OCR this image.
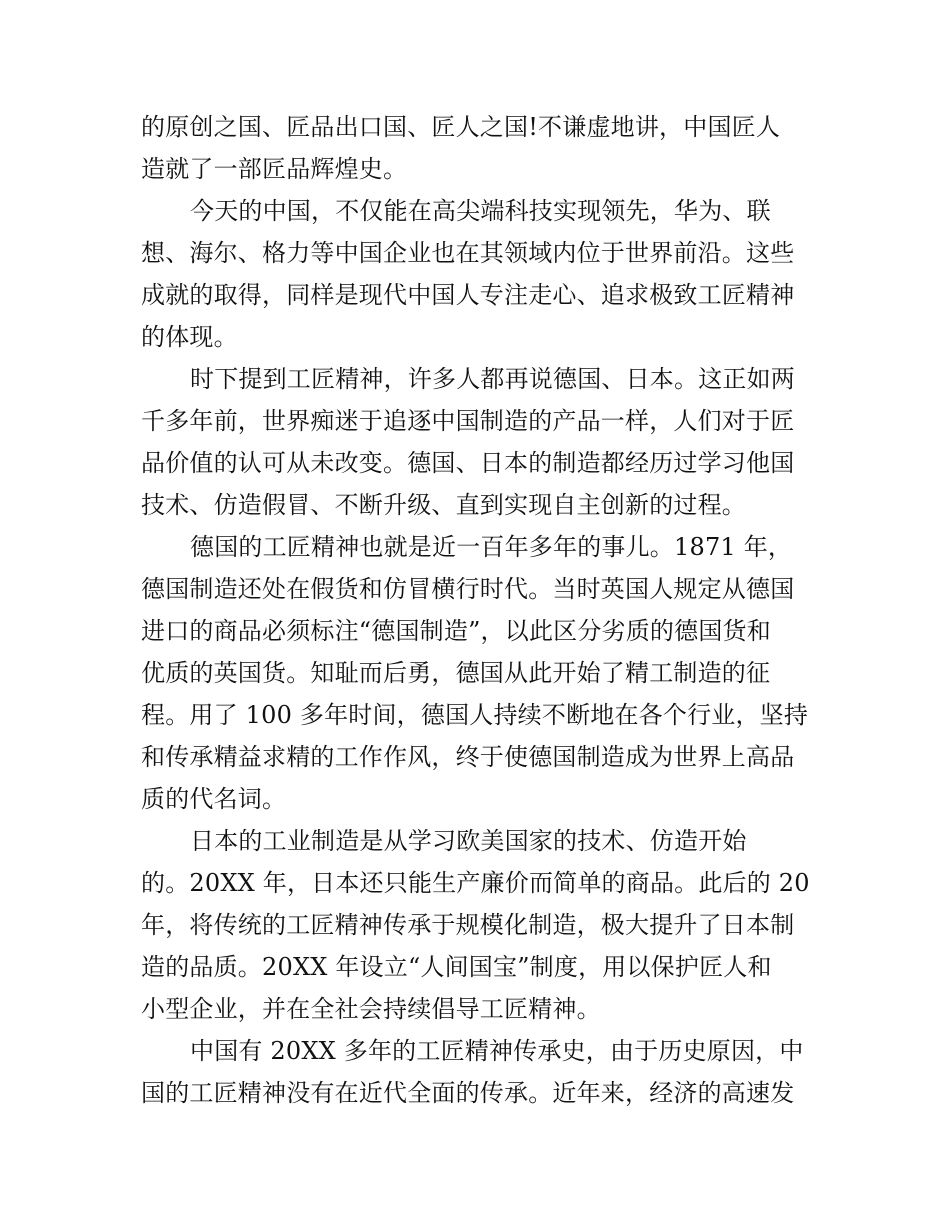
的原创之国、匠品出口国、匠人之国!不谦虚地讲，中国匠人
造就了一部匠品辉煌史。
今天的中国，不仅能在高尖端科技实现领先，华为、联
想、海尔、格力等中国企业也在其领域内位于世界前沿。这些
成就的取得，同样是现代中国人专注走心、追求极致工匠精神
的体现。
时下提到工匠精神，许多人都再说德国、日本。这正如两
千多年前，世界痴迷于追逐中国制造的产品一样，人们对于匠
品价值的认可从未改变。德国、日本的制造都经历过学习他国
技术、仿造假冒、不断升级、直到实现自主创新的过程。
德国的工匠精神也就是近一百年多年的事儿。1871 年，
德国制造还处在假货和仿冒横行时代。当时英国人规定从德国
进口的商品必须标注“德国制造”，以此区分劣质的德国货和
优质的英国货。知耻而后勇，德国从此开始了精工制造的征
程。用了 100 多年时间，德国人持续不断地在各个行业，坚持
和传承精益求精的工作作风，终于使德国制造成为世界上高品
质的代名词。
日本的工业制造是从学习欧美国家的技术、仿造开始
的。20XX 年，日本还只能生产廉价而简单的商品。此后的 20
年，将传统的工匠精神传承于规模化制造，极大提升了日本制
造的品质。20XX 年设立“人间国宝”制度，用以保护匠人和
小型企业，并在全社会持续倡导工匠精神。
中国有 20XX 多年的工匠精神传承史，由于历史原因，中
国的工匠精神没有在近代全面的传承。近年来，经济的高速发
